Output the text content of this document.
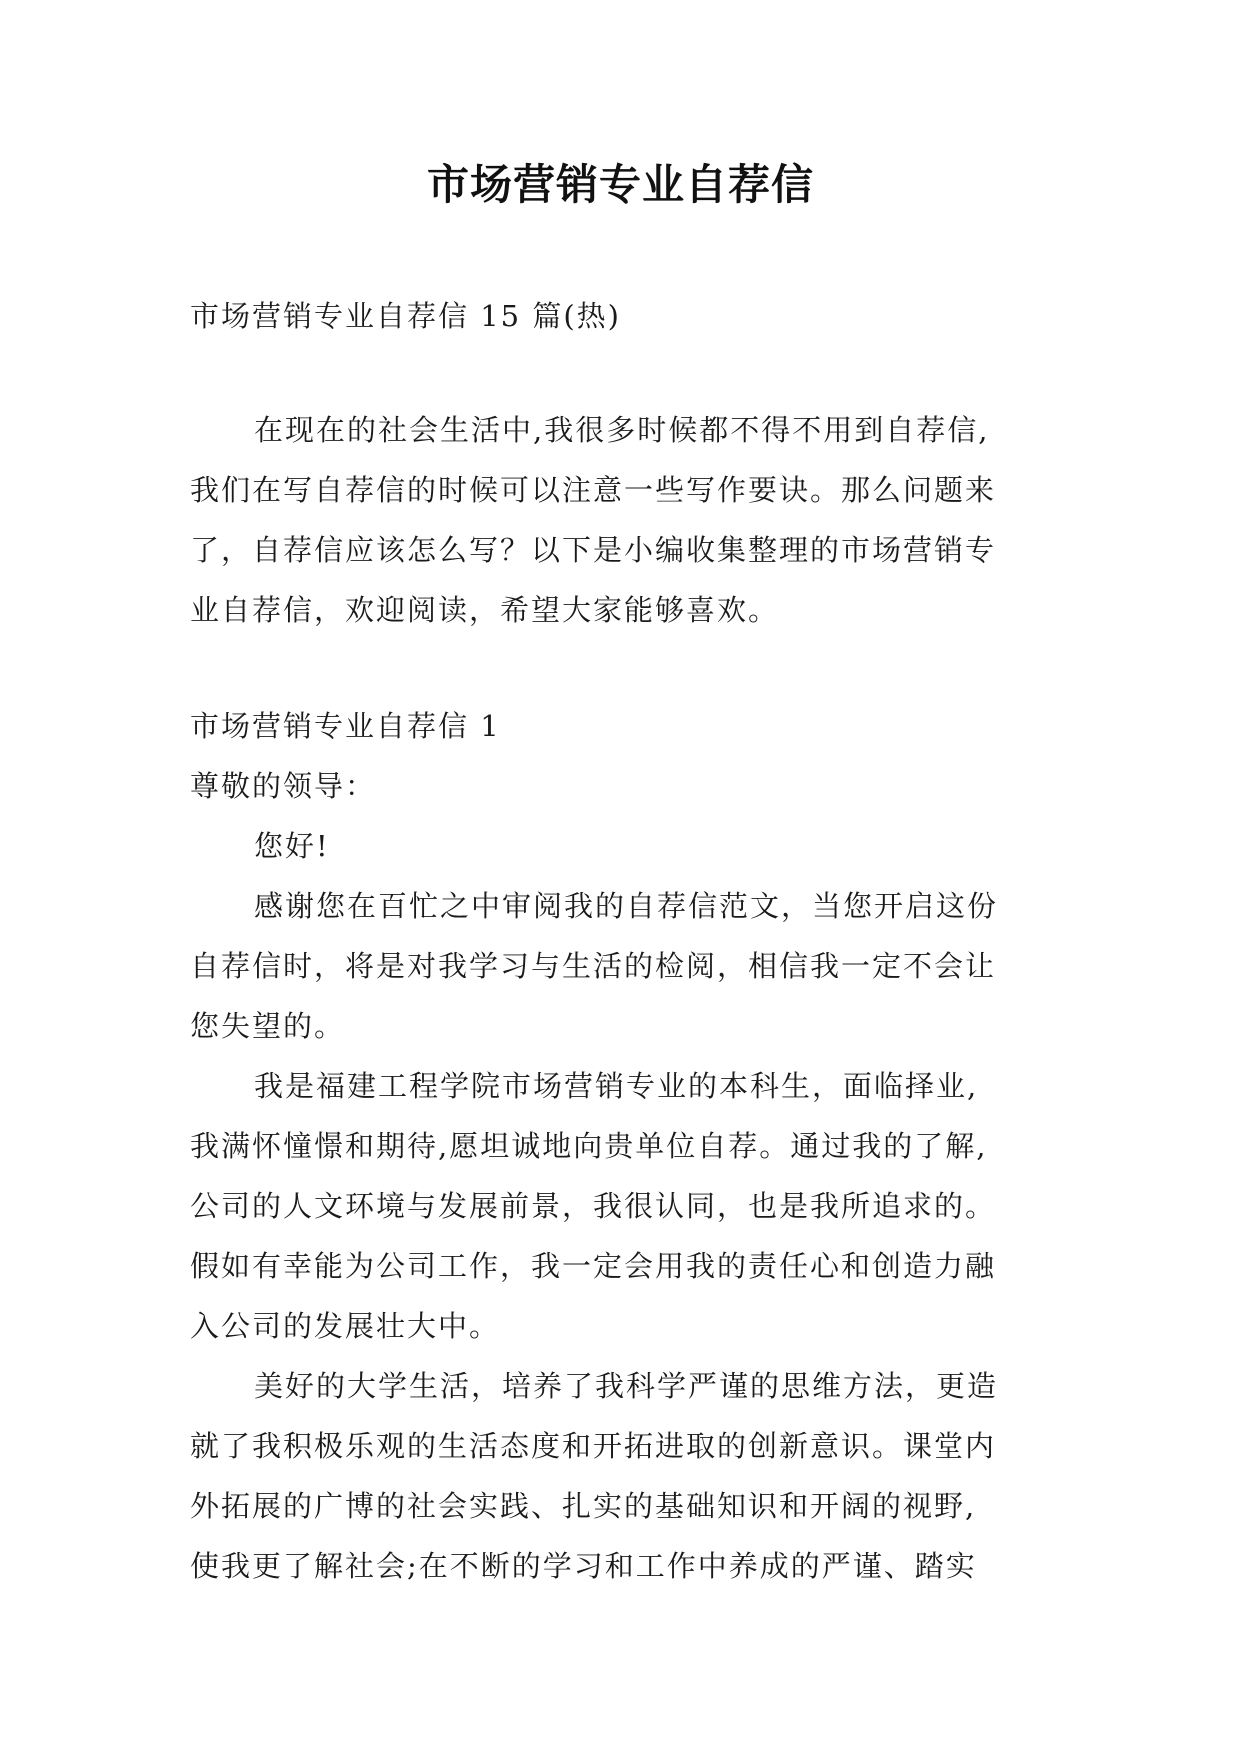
市场营销专业自荐信
市场营销专业自荐信 15 篇(热)
在现在的社会生活中,我很多时候都不得不用到自荐信,
我们在写自荐信的时候可以注意一些写作要诀。那么问题来
了，自荐信应该怎么写？以下是小编收集整理的市场营销专
业自荐信，欢迎阅读，希望大家能够喜欢。
市场营销专业自荐信 1
尊敬的领导：
您好!
感谢您在百忙之中审阅我的自荐信范文，当您开启这份
自荐信时，将是对我学习与生活的检阅，相信我一定不会让
您失望的。
我是福建工程学院市场营销专业的本科生，面临择业,
我满怀憧憬和期待,愿坦诚地向贵单位自荐。通过我的了解,
公司的人文环境与发展前景，我很认同，也是我所追求的。
假如有幸能为公司工作，我一定会用我的责任心和创造力融
入公司的发展壮大中。
美好的大学生活，培养了我科学严谨的思维方法，更造
就了我积极乐观的生活态度和开拓进取的创新意识。课堂内
外拓展的广博的社会实践、扎实的基础知识和开阔的视野,
使我更了解社会;在不断的学习和工作中养成的严谨、踏实
